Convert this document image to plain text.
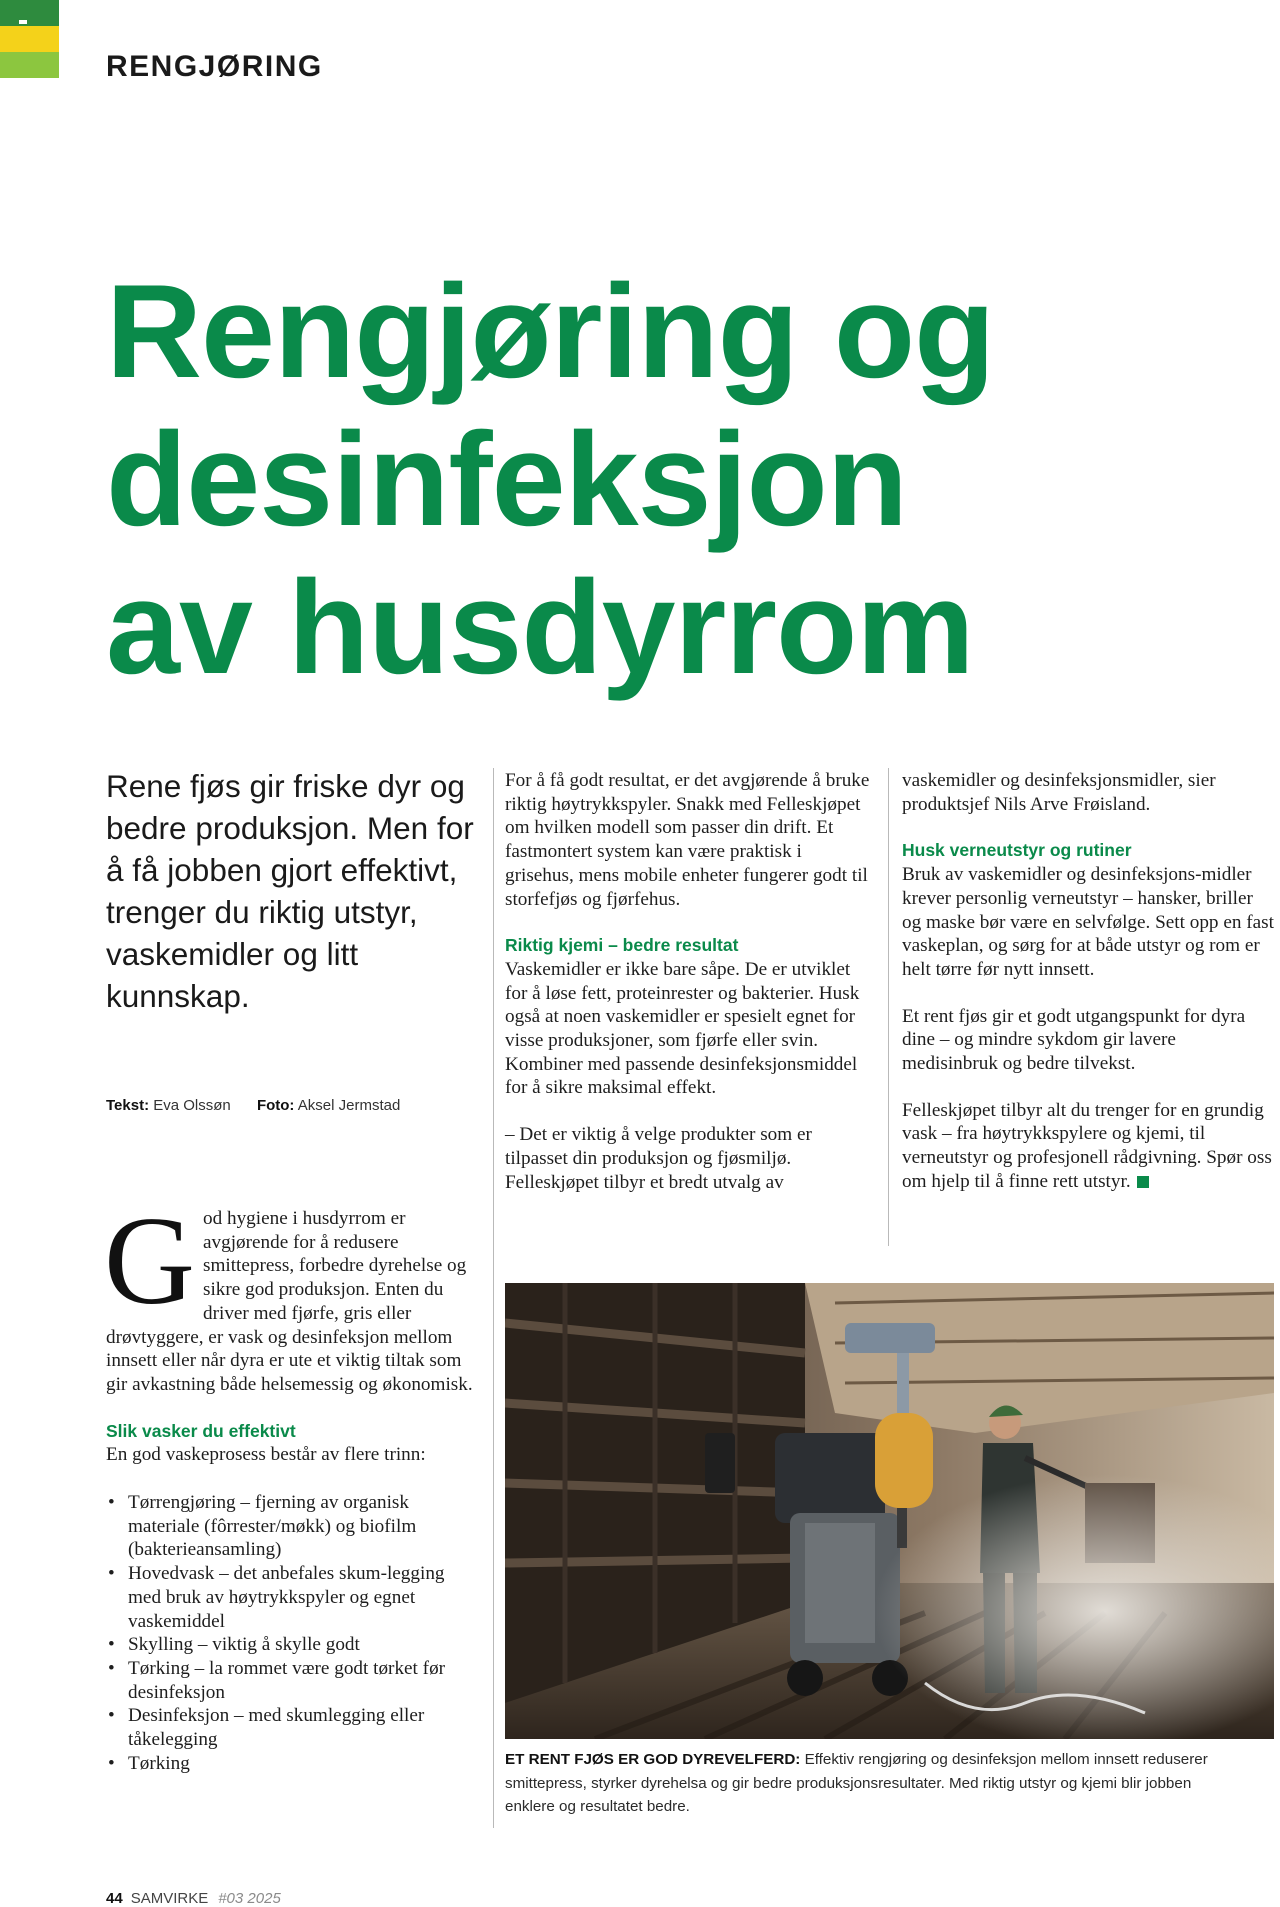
RENGJØRING
Rengjøring og
desinfeksjon
av husdyrrom

Rene fjøs gir friske dyr og bedre produksjon. Men for å få jobben gjort effektivt, trenger du riktig utstyr, vaskemidler og litt kunnskap.

Tekst: Eva Olssøn Foto: Aksel Jermstad

G od hygiene i husdyrrom er avgjørende for å redusere smittepress, forbedre dyrehelse og sikre god produksjon. Enten du driver med fjørfe, gris eller drøvtyggere, er vask og desinfeksjon mellom innsett eller når dyra er ute et viktig tiltak som gir avkastning både helsemessig og økonomisk.

Slik vasker du effektivt

En god vaskeprosess består av flere trinn:

• Tørrengjøring – fjerning av organisk materiale (fôrrester/møkk) og biofilm (bakterieansamling)
• Hovedvask – det anbefales skum-legging med bruk av høytrykkspyler og egnet vaskemiddel
• Skylling – viktig å skylle godt
• Tørking – la rommet være godt tørket før desinfeksjon
• Desinfeksjon – med skumlegging eller tåkelegging
• Tørking

For å få godt resultat, er det avgjørende å bruke riktig høytrykkspyler. Snakk med Felleskjøpet om hvilken modell som passer din drift. Et fastmontert system kan være praktisk i grisehus, mens mobile enheter fungerer godt til storfefjøs og fjørfehus.

Riktig kjemi – bedre resultat

Vaskemidler er ikke bare såpe. De er utviklet for å løse fett, proteinrester og bakterier. Husk også at noen vaskemidler er spesielt egnet for visse produksjoner, som fjørfe eller svin. Kombiner med passende desinfeksjonsmiddel for å sikre maksimal effekt.

– Det er viktig å velge produkter som er tilpasset din produksjon og fjøsmiljø. Felleskjøpet tilbyr et bredt utvalg av

vaskemidler og desinfeksjonsmidler, sier produktsjef Nils Arve Frøisland.

Husk verneutstyr og rutiner

Bruk av vaskemidler og desinfeksjons-midler krever personlig verneutstyr – hansker, briller og maske bør være en selvfølge. Sett opp en fast vaskeplan, og sørg for at både utstyr og rom er helt tørre før nytt innsett.

Et rent fjøs gir et godt utgangspunkt for dyra dine – og mindre sykdom gir lavere medisinbruk og bedre tilvekst.

Felleskjøpet tilbyr alt du trenger for en grundig vask – fra høytrykkspylere og kjemi, til verneutstyr og profesjonell rådgivning. Spør oss om hjelp til å finne rett utstyr.

ET RENT FJØS ER GOD DYREVELFERD: Effektiv rengjøring og desinfeksjon mellom innsett reduserer smittepress, styrker dyrehelsa og gir bedre produksjonsresultater. Med riktig utstyr og kjemi blir jobben enklere og resultatet bedre.
44 SAMVIRKE #03 2025
